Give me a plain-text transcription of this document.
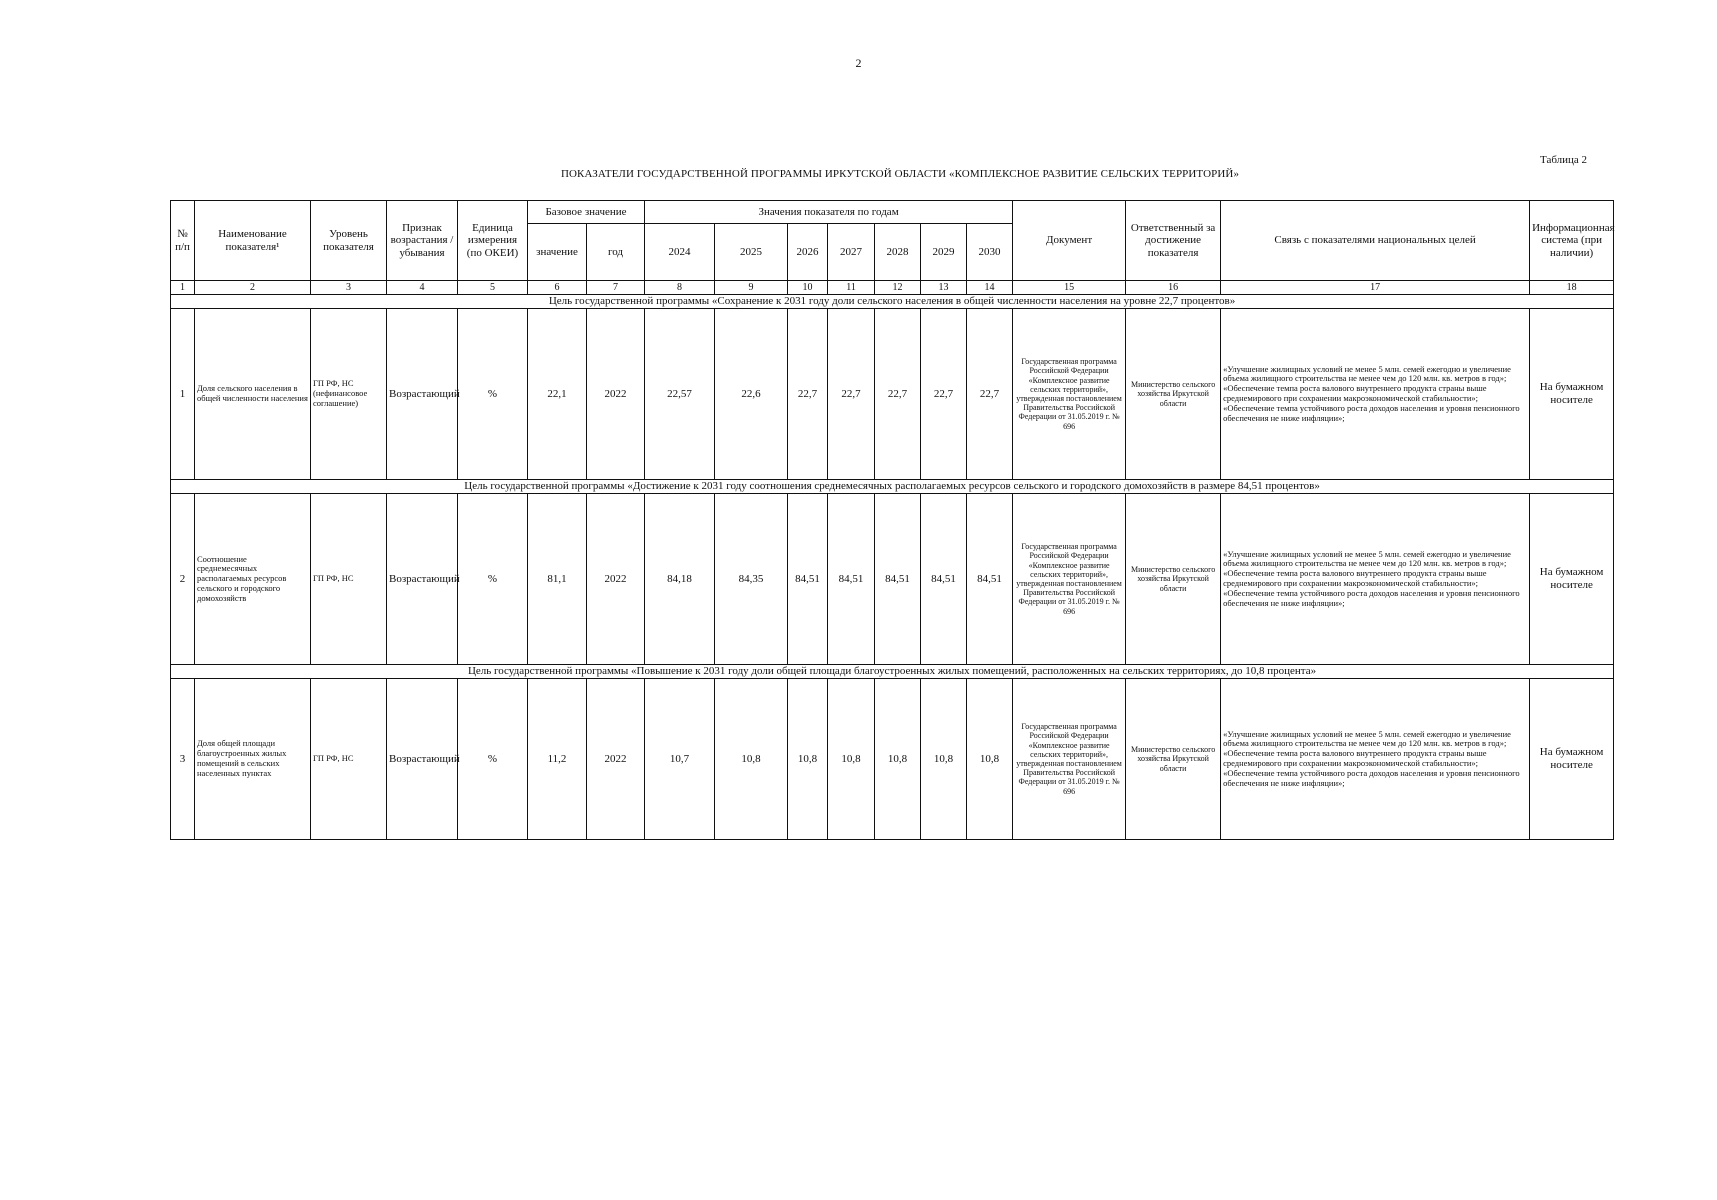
2
Таблица 2
ПОКАЗАТЕЛИ ГОСУДАРСТВЕННОЙ ПРОГРАММЫ ИРКУТСКОЙ ОБЛАСТИ «КОМПЛЕКСНОЕ РАЗВИТИЕ СЕЛЬСКИХ ТЕРРИТОРИЙ»
№ п/п	Наименование показателя¹	Уровень показателя	Признак возрастания /убывания	Единица измерения (по ОКЕИ)	Базовое значение		Значения показателя по годам							Документ	Ответственный за достижение показателя	Связь с показателями национальных целей	Информационная система (при наличии)
					значение	год	2024	2025	2026	2027	2028	2029	2030				
1	2	3	4	5	6	7	8	9	10	11	12	13	14	15	16	17	18
Цель государственной программы «Сохранение к 2031 году доли сельского населения в общей численности населения на уровне 22,7 процентов»																	
1	Доля сельского населения в общей численности населения	ГП РФ, НС (нефинансовое соглашение)	Возрастающий	%	22,1	2022	22,57	22,6	22,7	22,7	22,7	22,7	22,7	Государственная программа Российской Федерации «Комплексное развитие сельских территорий», утвержденная постановлением Правительства Российской Федерации от 31.05.2019 г. № 696	Министерство сельского хозяйства Иркутской области	«Улучшение жилищных условий не менее 5 млн. семей ежегодно и увеличение объема жилищного строительства не менее чем до 120 млн. кв. метров в год»; «Обеспечение темпа роста валового внутреннего продукта страны выше среднемирового при сохранении макроэкономической стабильности»; «Обеспечение темпа устойчивого роста доходов населения и уровня пенсионного обеспечения не ниже инфляции»;	На бумажном носителе
Цель государственной программы «Достижение к 2031 году соотношения среднемесячных располагаемых ресурсов сельского и городского домохозяйств в размере 84,51 процентов»																	
2	Соотношение среднемесячных располагаемых ресурсов сельского и городского домохозяйств	ГП РФ, НС	Возрастающий	%	81,1	2022	84,18	84,35	84,51	84,51	84,51	84,51	84,51	Государственная программа Российской Федерации «Комплексное развитие сельских территорий», утвержденная постановлением Правительства Российской Федерации от 31.05.2019 г. № 696	Министерство сельского хозяйства Иркутской области	«Улучшение жилищных условий не менее 5 млн. семей ежегодно и увеличение объема жилищного строительства не менее чем до 120 млн. кв. метров в год»; «Обеспечение темпа роста валового внутреннего продукта страны выше среднемирового при сохранении макроэкономической стабильности»; «Обеспечение темпа устойчивого роста доходов населения и уровня пенсионного обеспечения не ниже инфляции»;	На бумажном носителе
Цель государственной программы «Повышение к 2031 году доли общей площади благоустроенных жилых помещений, расположенных на сельских территориях, до 10,8 процента»																	
3	Доля общей площади благоустроенных жилых помещений в сельских населенных пунктах	ГП РФ, НС	Возрастающий	%	11,2	2022	10,7	10,8	10,8	10,8	10,8	10,8	10,8	Государственная программа Российской Федерации «Комплексное развитие сельских территорий», утвержденная постановлением Правительства Российской Федерации от 31.05.2019 г. № 696	Министерство сельского хозяйства Иркутской области	«Улучшение жилищных условий не менее 5 млн. семей ежегодно и увеличение объема жилищного строительства не менее чем до 120 млн. кв. метров в год»; «Обеспечение темпа роста валового внутреннего продукта страны выше среднемирового при сохранении макроэкономической стабильности»; «Обеспечение темпа устойчивого роста доходов населения и уровня пенсионного обеспечения не ниже инфляции»;	На бумажном носителе
